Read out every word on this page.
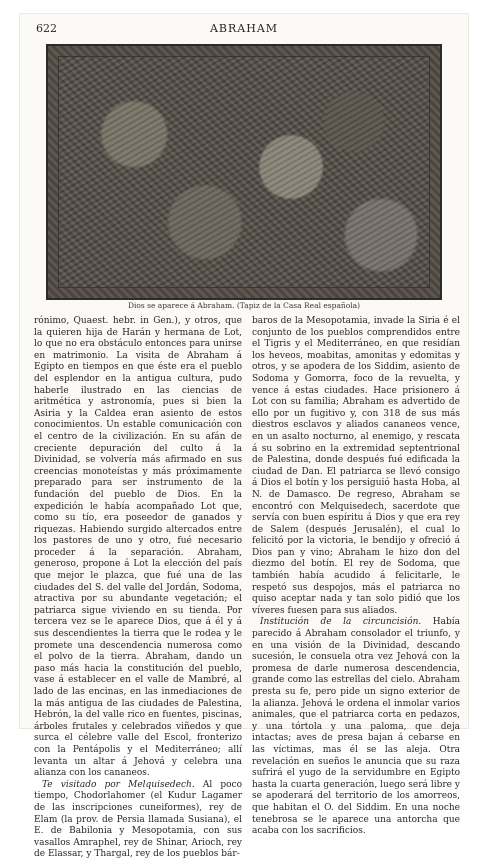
622	ABRAHAM
Dios se aparece á Abraham. (Tapiz de la Casa Real española)

rónimo, Quaest. hebr. in Gen.), y otros, que la quieren hija de Harán y hermana de Lot, lo que no era obstáculo entonces para unirse en matrimonio. La visita de Abraham á Egipto en tiempos en que éste era el pueblo del esplendor en la antigua cultura, pudo haberle ilustrado en las ciencias de aritmética y astronomía, pues si bien la Asiria y la Caldea eran asiento de estos conocimientos. Un estable comunicación con el centro de la civilización. En su afán de creciente depuración del culto á la Divinidad, se volvería más afirmado en sus creencias monoteístas y más próximamente preparado para ser instrumento de la fundación del pueblo de Dios. En la expedición le había acompañado Lot que, como su tío, era poseedor de ganados y riquezas. Habiendo surgido altercados entre los pastores de uno y otro, fué necesario proceder á la separación. Abraham, generoso, propone á Lot la elección del país que mejor le plazca, que fué una de las ciudades del S. del valle del Jordán, Sodoma, atractiva por su abundante vegetación; el patriarca sigue viviendo en su tienda. Por tercera vez se le aparece Dios, que á él y á sus descendientes la tierra que le rodea y le promete una descendencia numerosa como el polvo de la tierra. Abraham, dando un paso más hacia la constitución del pueblo, vase á establecer en el valle de Mambré, al lado de las encinas, en las inmediaciones de la más antigua de las ciudades de Palestina, Hebrón, la del valle rico en fuentes, piscinas, árboles frutales y celebrados viñedos y que surca el célebre valle del Escol, fronterizo con la Pentápolis y el Mediterráneo; allí levanta un altar á Jehová y celebra una alianza con los cananeos.

Te visitado por Melquisedech. Al poco tiempo, Chodorlahomer (el Kudur Lagamer de las inscripciones cuneiformes), rey de Elam (la prov. de Persia llamada Susiana), el E. de Babilonia y Mesopotamia, con sus vasallos Amraphel, rey de Shinar, Arioch, rey de Elassar, y Thargal, rey de los pueblos bár-

baros de la Mesopotamia, invade la Siria é el conjunto de los pueblos comprendidos entre el Tigris y el Mediterráneo, en que residían los heveos, moabitas, amonitas y edomitas y otros, y se apodera de los Siddim, asiento de Sodoma y Gomorra, foco de la revuelta, y vence á estas ciudades. Hace prisionero á Lot con su familia; Abraham es advertido de ello por un fugitivo y, con 318 de sus más diestros esclavos y aliados cananeos vence, en un asalto nocturno, al enemigo, y rescata á su sobrino en la extremidad septentrional de Palestina, donde después fué edificada la ciudad de Dan. El patriarca se llevó consigo á Dios el botín y los persiguió hasta Hoba, al N. de Damasco. De regreso, Abraham se encontró con Melquisedech, sacerdote que servía con buen espíritu á Dios y que era rey de Salem (después Jerusalén), el cual lo felicitó por la victoria, le bendijo y ofreció á Dios pan y vino; Abraham le hizo don del diezmo del botín. El rey de Sodoma, que también había acudido á felicitarle, le respetó sus despojos, más el patriarca no quiso aceptar nada y tan solo pidió que los víveres fuesen para sus aliados.

Institución de la circuncisión. Había parecido á Abraham consolador el triunfo, y en una visión de la Divinidad, descando sucesión, le consuela otra vez Jehová con la promesa de darle numerosa descendencia, grande como las estrellas del cielo. Abraham presta su fe, pero pide un signo exterior de la alianza. Jehová le ordena el inmolar varios animales, que el patriarca corta en pedazos, y una tórtola y una paloma, que deja intactas; aves de presa bajan á cebarse en las víctimas, mas él se las aleja. Otra revelación en sueños le anuncia que su raza sufrirá el yugo de la servidumbre en Egipto hasta la cuarta generación, luego será libre y se apoderará del territorio de los amorreos, que habitan el O. del Siddim. En una noche tenebrosa se le aparece una antorcha que acaba con los sacrificios.
